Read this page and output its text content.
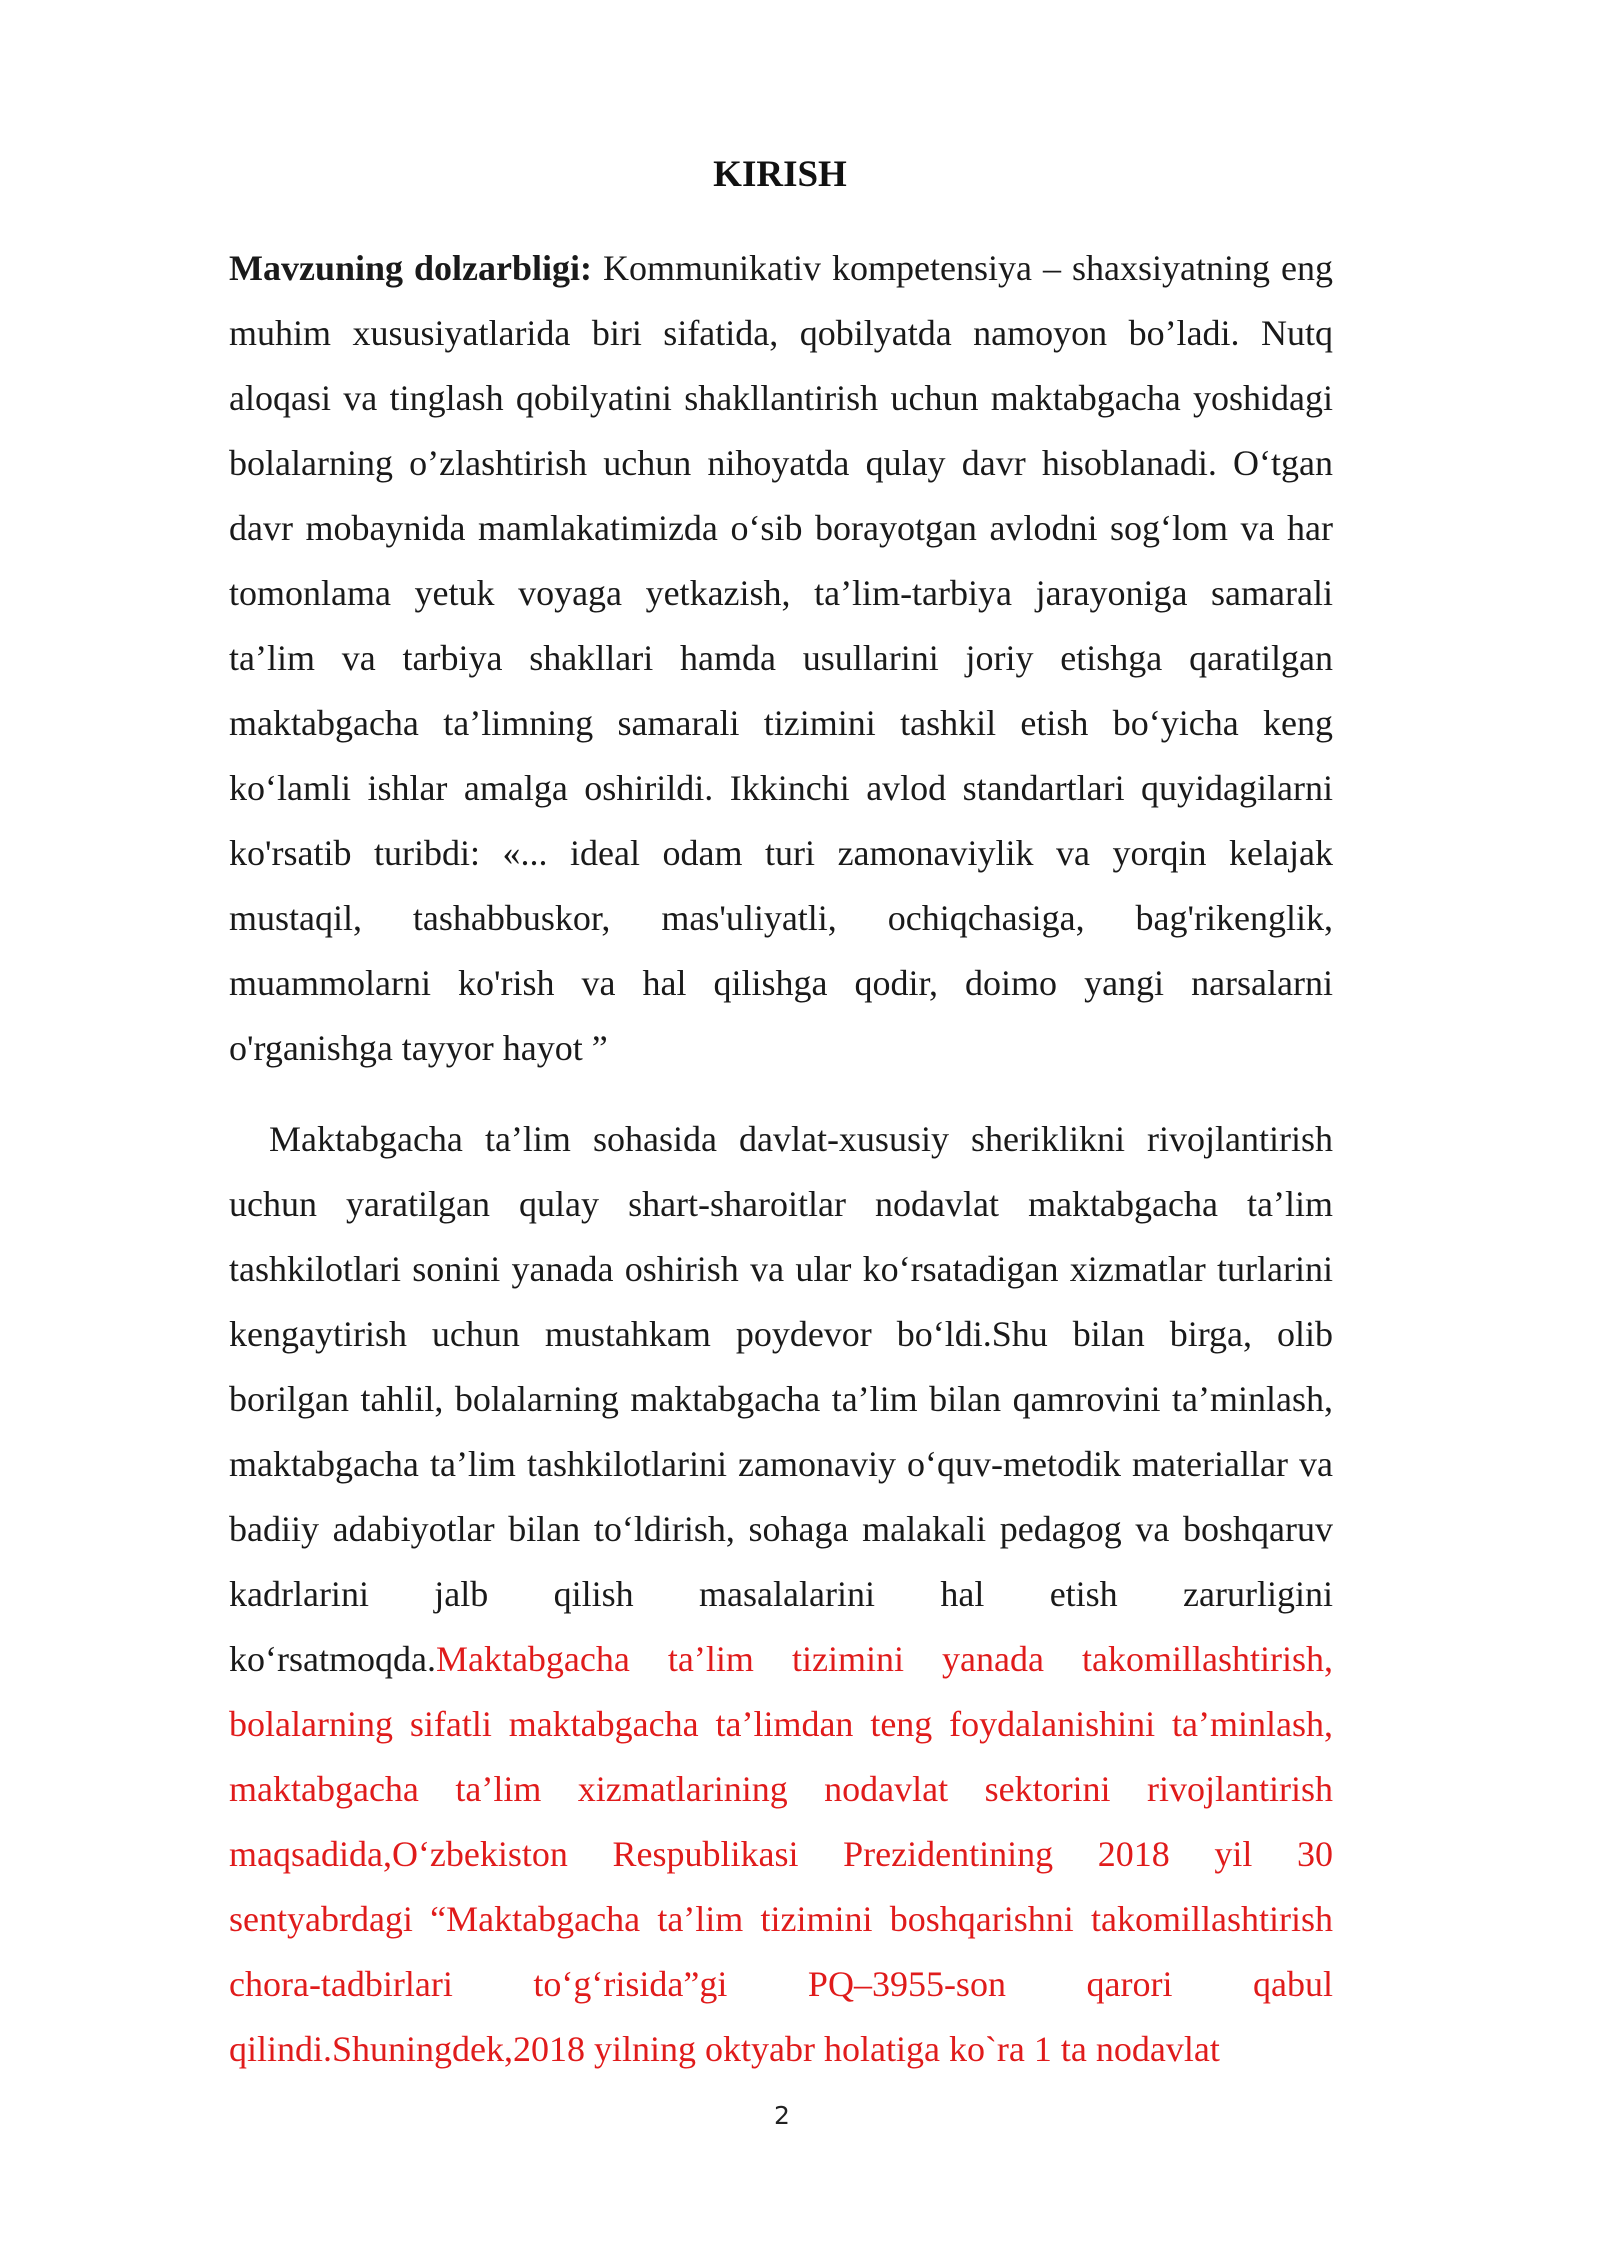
KIRISH
Mavzuning dolzarbligi: Kommunikativ kompetensiya – shaxsiyatning eng muhim xususiyatlarida biri sifatida, qobilyatda namoyon bo’ladi. Nutq aloqasi va tinglash qobilyatini shakllantirish uchun maktabgacha yoshidagi bolalarning o’zlashtirish uchun nihoyatda qulay davr hisoblanadi. O‘tgan davr mobaynida mamlakatimizda o‘sib borayotgan avlodni sog‘lom va har tomonlama yetuk voyaga yetkazish, ta’lim-tarbiya jarayoniga samarali ta’lim va tarbiya shakllari hamda usullarini joriy etishga qaratilgan maktabgacha ta’limning samarali tizimini tashkil etish bo‘yicha keng ko‘lamli ishlar amalga oshirildi. Ikkinchi avlod standartlari quyidagilarni ko'rsatib turibdi: «... ideal odam turi zamonaviylik va yorqin kelajak mustaqil, tashabbuskor, mas'uliyatli, ochiqchasiga, bag'rikenglik, muammolarni ko'rish va hal qilishga qodir, doimo yangi narsalarni o'rganishga tayyor hayot ”
Maktabgacha ta’lim sohasida davlat-xususiy sheriklikni rivojlantirish uchun yaratilgan qulay shart-sharoitlar nodavlat maktabgacha ta’lim tashkilotlari sonini yanada oshirish va ular ko‘rsatadigan xizmatlar turlarini kengaytirish uchun mustahkam poydevor bo‘ldi.Shu bilan birga, olib borilgan tahlil, bolalarning maktabgacha ta’lim bilan qamrovini ta’minlash, maktabgacha ta’lim tashkilotlarini zamonaviy o‘quv-metodik materiallar va badiiy adabiyotlar bilan to‘ldirish, sohaga malakali pedagog va boshqaruv kadrlarini jalb qilish masalalarini hal etish zarurligini ko‘rsatmoqda.Maktabgacha ta’lim tizimini yanada takomillashtirish, bolalarning sifatli maktabgacha ta’limdan teng foydalanishini ta’minlash, maktabgacha ta’lim xizmatlarining nodavlat sektorini rivojlantirish maqsadida,O‘zbekiston Respublikasi Prezidentining 2018 yil 30 sentyabrdagi “Maktabgacha ta’lim tizimini boshqarishni takomillashtirish chora-tadbirlari to‘g‘risida”gi PQ–3955-son qarori qabul qilindi.Shuningdek,2018 yilning oktyabr holatiga ko`ra 1 ta nodavlat
2
